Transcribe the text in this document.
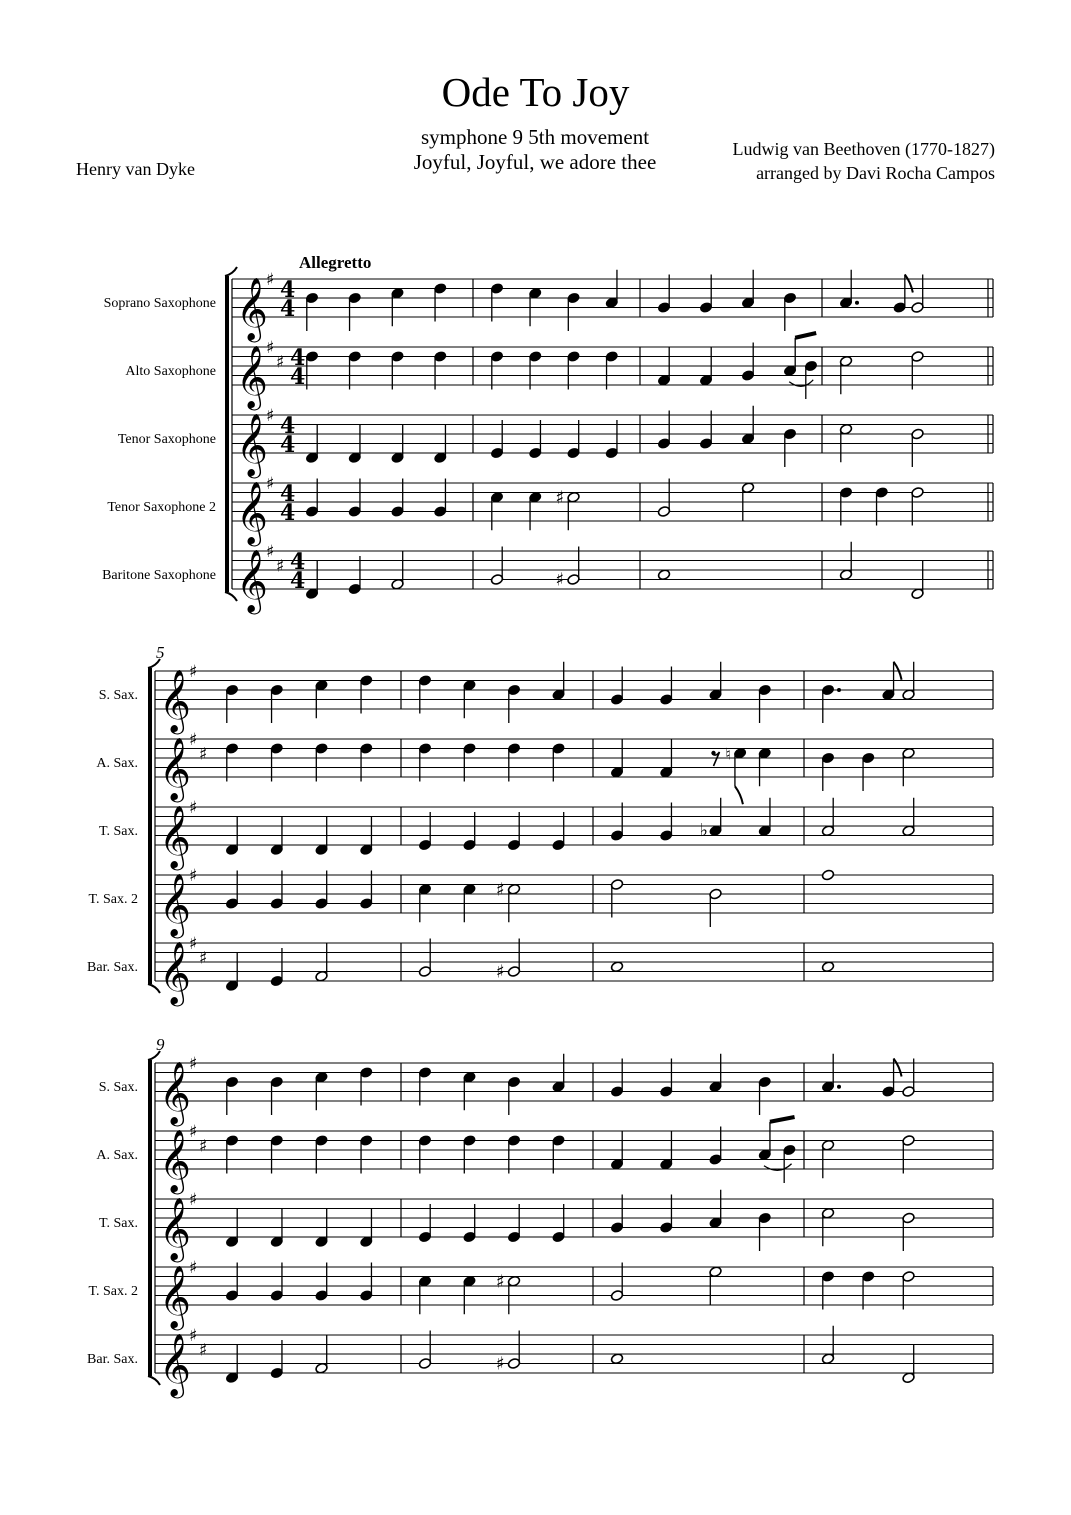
Ode To Joy
symphone 9 5th movement
Joyful, Joyful, we adore thee
Henry van Dyke
Ludwig van Beethoven (1770-1827)
arranged by Davi Rocha Campos
Allegretto
Soprano Saxophone
Alto Saxophone
Tenor Saxophone
Tenor Saxophone 2
Baritone Saxophone
5
S. Sax.
A. Sax.
T. Sax.
T. Sax. 2
Bar. Sax.
9
S. Sax.
A. Sax.
T. Sax.
T. Sax. 2
Bar. Sax.
𝄞
♯ 4
4
𝄞
♯
♯ 4
4
𝄞
♯ 4
4
𝄞
♯ 4
4
♯
𝄞
♯
♯ 4
4	♯
𝄞
♯
𝄞
♯
♯	♮
𝄞
♯
♭
𝄞
♯
♯
𝄞
♯
♯
♯
𝄞
♯
𝄞
♯
♯
𝄞
♯
𝄞
♯
♯
𝄞
♯
♯
♯
